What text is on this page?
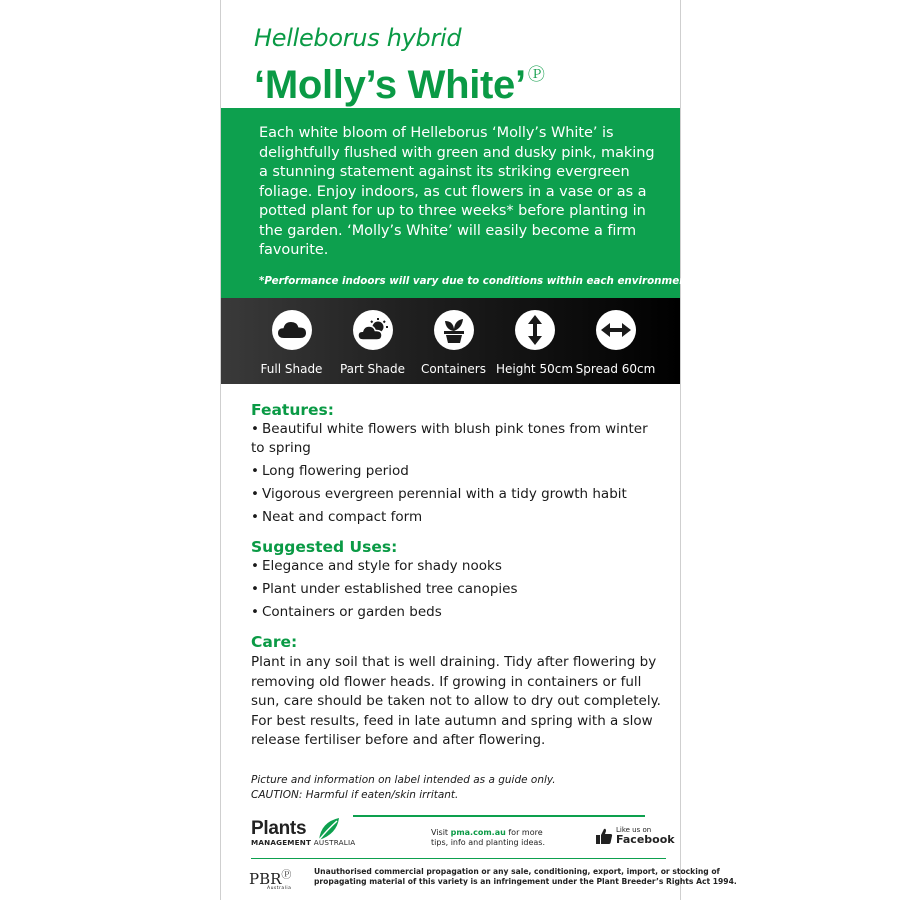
Helleborus hybrid
‘Molly’s White’ Ⓟ

Each white bloom of Helleborus ‘Molly’s White’ is delightfully flushed with green and dusky pink, making a stunning statement against its striking evergreen foliage. Enjoy indoors, as cut flowers in a vase or as a potted plant for up to three weeks* before planting in the garden. ‘Molly’s White’ will easily become a firm favourite.

*Performance indoors will vary due to conditions within each environment.

Full Shade Part Shade Containers Height 50cm Spread 60cm
Features:
• Beautiful white flowers with blush pink tones from winter to spring
• Long flowering period
• Vigorous evergreen perennial with a tidy growth habit
• Neat and compact form
Suggested Uses:
• Elegance and style for shady nooks
• Plant under established tree canopies
• Containers or garden beds
Care:

Plant in any soil that is well draining. Tidy after flowering by removing old flower heads. If growing in containers or full sun, care should be taken not to allow to dry out completely. For best results, feed in late autumn and spring with a slow release fertiliser before and after flowering.

Picture and information on label intended as a guide only.
CAUTION: Harmful if eaten/skin irritant.
Plants
MANAGEMENT AUSTRALIA
Visit pma.com.au for more
tips, info and planting ideas.
Like us on
Facebook
PBRⓅ
Australia
Unauthorised commercial propagation or any sale, conditioning, export, import, or stocking of
propagating material of this variety is an infringement under the Plant Breeder’s Rights Act 1994.
